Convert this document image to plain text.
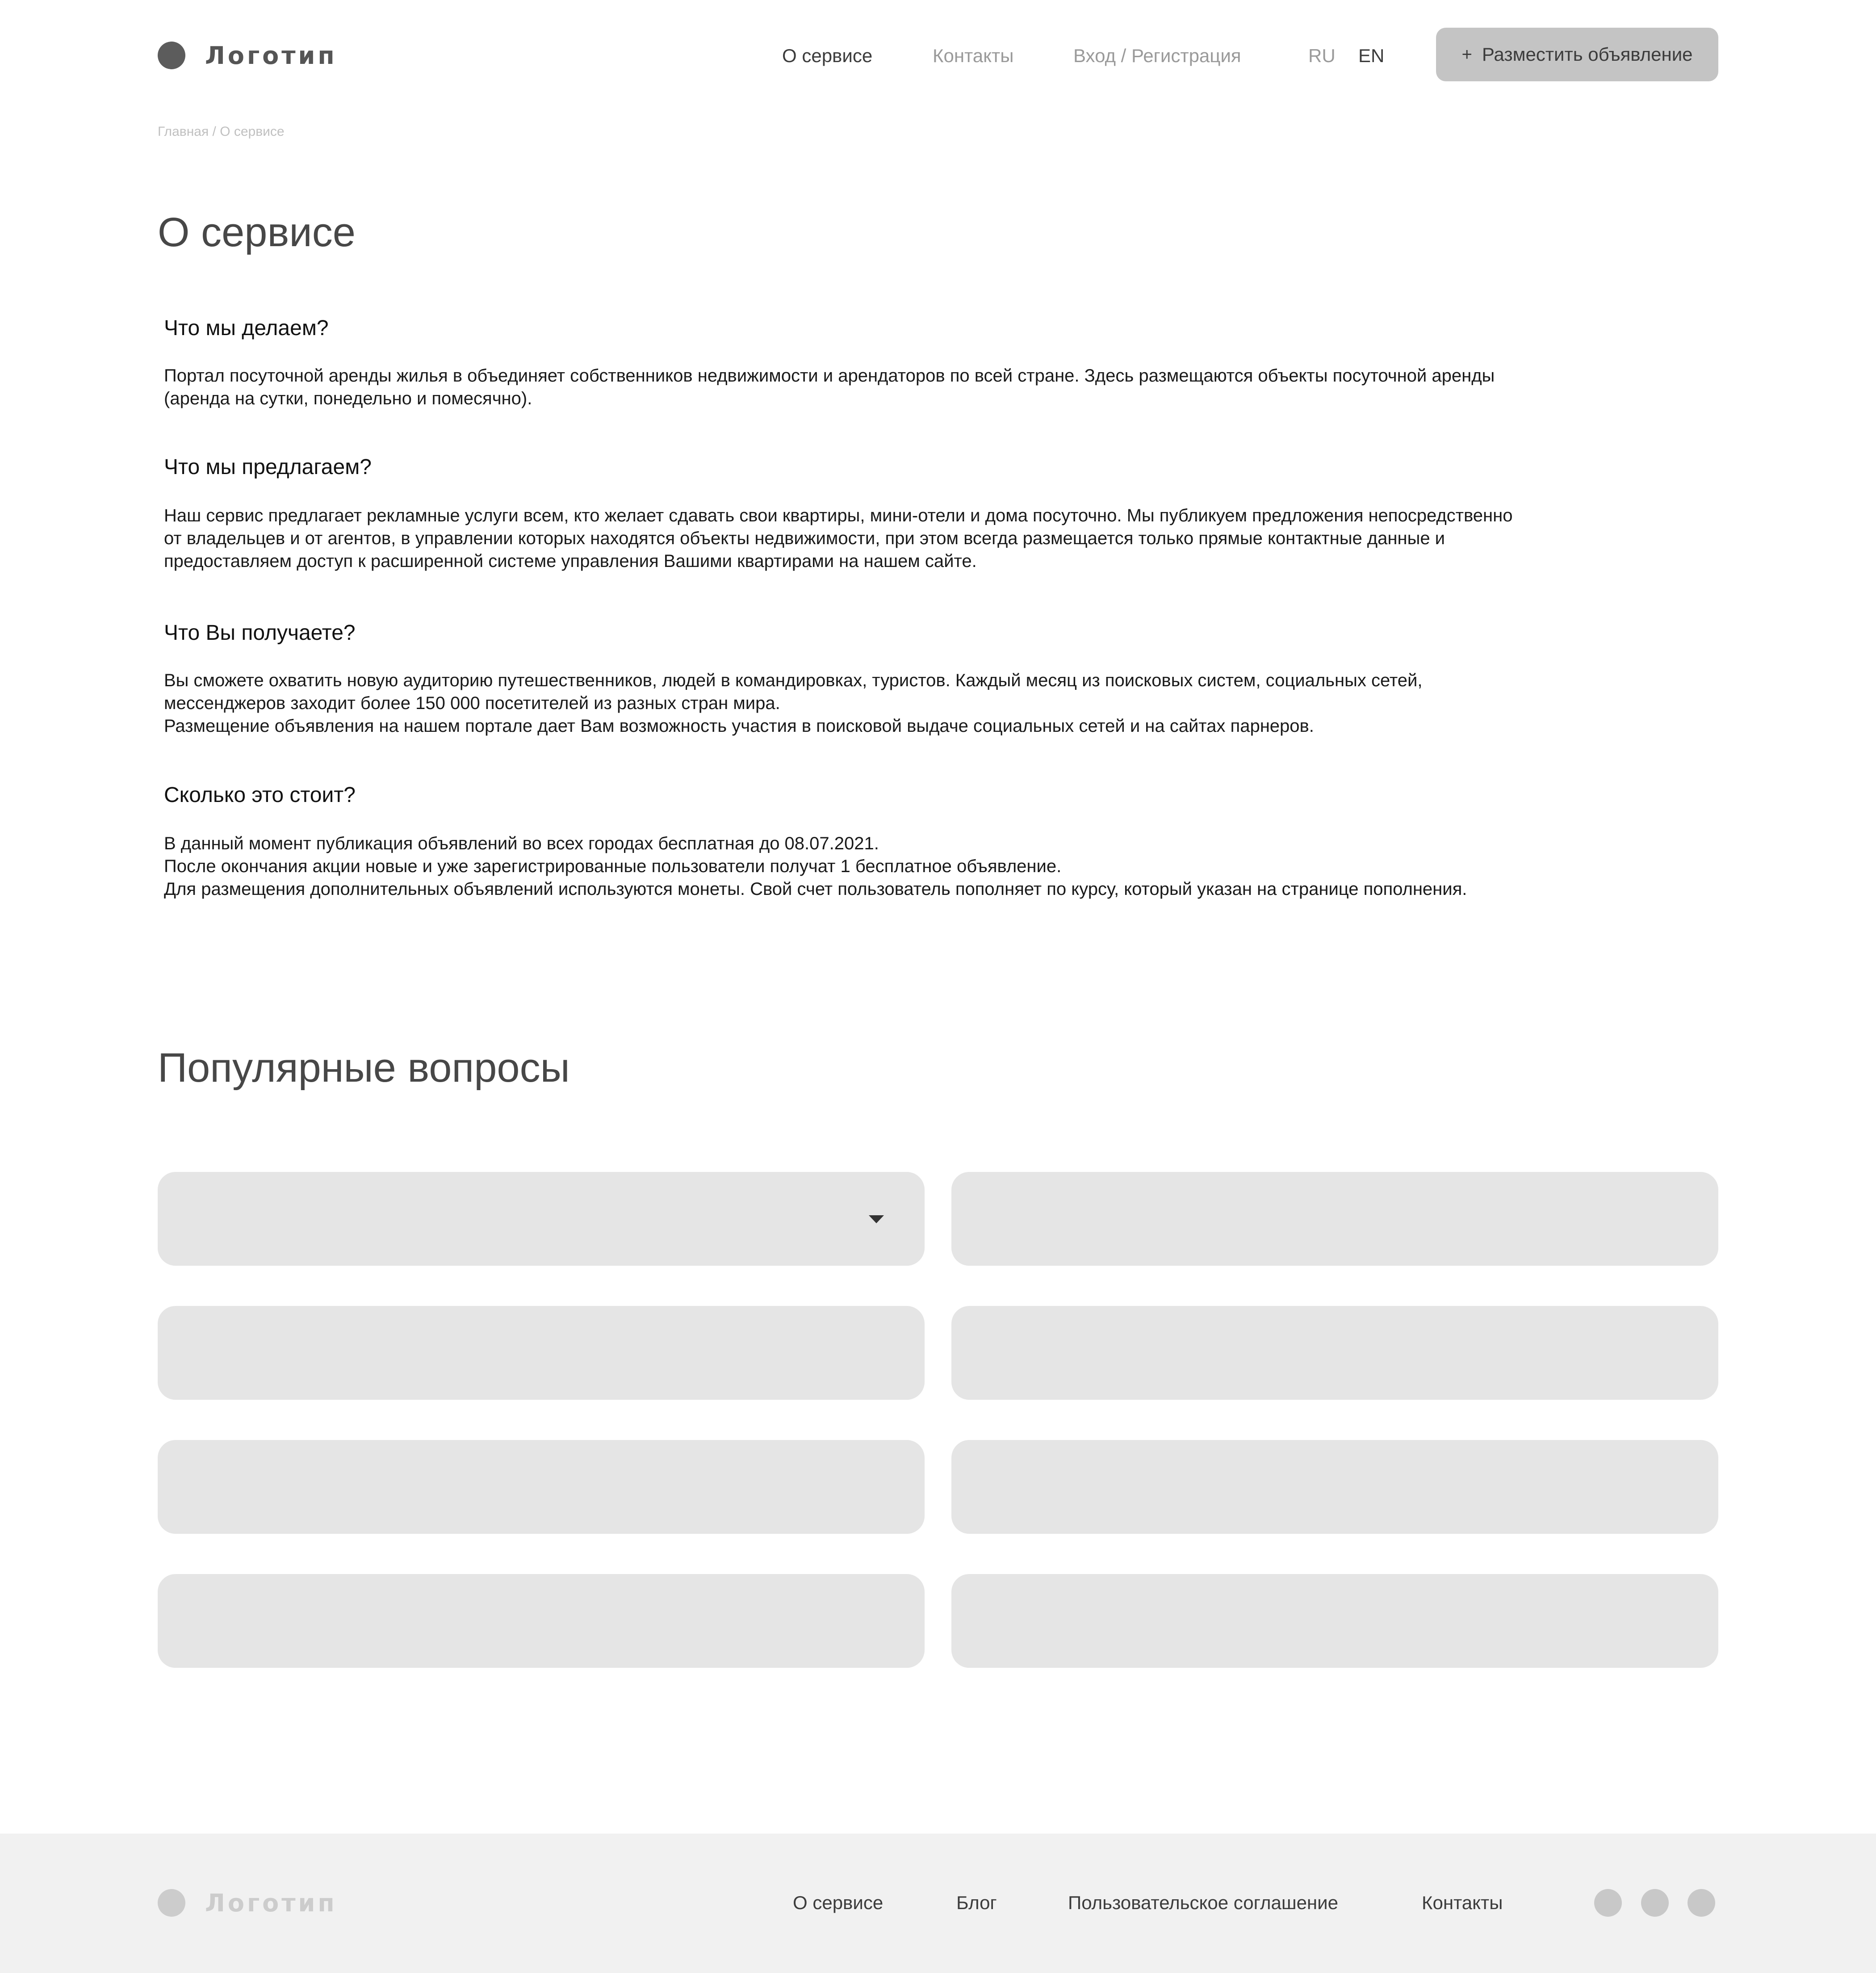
Логотип	О сервисе	Контакты	Вход / Регистрация	RU EN	+ Разместить объявление
Главная / О сервисе
О сервисе
Что мы делаем?

Портал посуточной аренды жилья в объединяет собственников недвижимости и арендаторов по всей стране. Здесь размещаются объекты посуточной аренды
(аренда на сутки, понедельно и помесячно).

Что мы предлагаем?

Наш сервис предлагает рекламные услуги всем, кто желает сдавать свои квартиры, мини-отели и дома посуточно. Мы публикуем предложения непосредственно
от владельцев и от агентов, в управлении которых находятся объекты недвижимости, при этом всегда размещается только прямые контактные данные и
предоставляем доступ к расширенной системе управления Вашими квартирами на нашем сайте.

Что Вы получаете?

Вы сможете охватить новую аудиторию путешественников, людей в командировках, туристов. Каждый месяц из поисковых систем, социальных сетей,
мессенджеров заходит более 150 000 посетителей из разных стран мира.
Размещение объявления на нашем портале дает Вам возможность участия в поисковой выдаче социальных сетей и на сайтах парнеров.

Сколько это стоит?

В данный момент публикация объявлений во всех городах бесплатная до 08.07.2021.
После окончания акции новые и уже зарегистрированные пользователи получат 1 бесплатное объявление.
Для размещения дополнительных объявлений используются монеты. Свой счет пользователь пополняет по курсу, который указан на странице пополнения.

Популярные вопросы
Логотип	О сервисе	Блог	Пользовательское соглашение	Контакты
